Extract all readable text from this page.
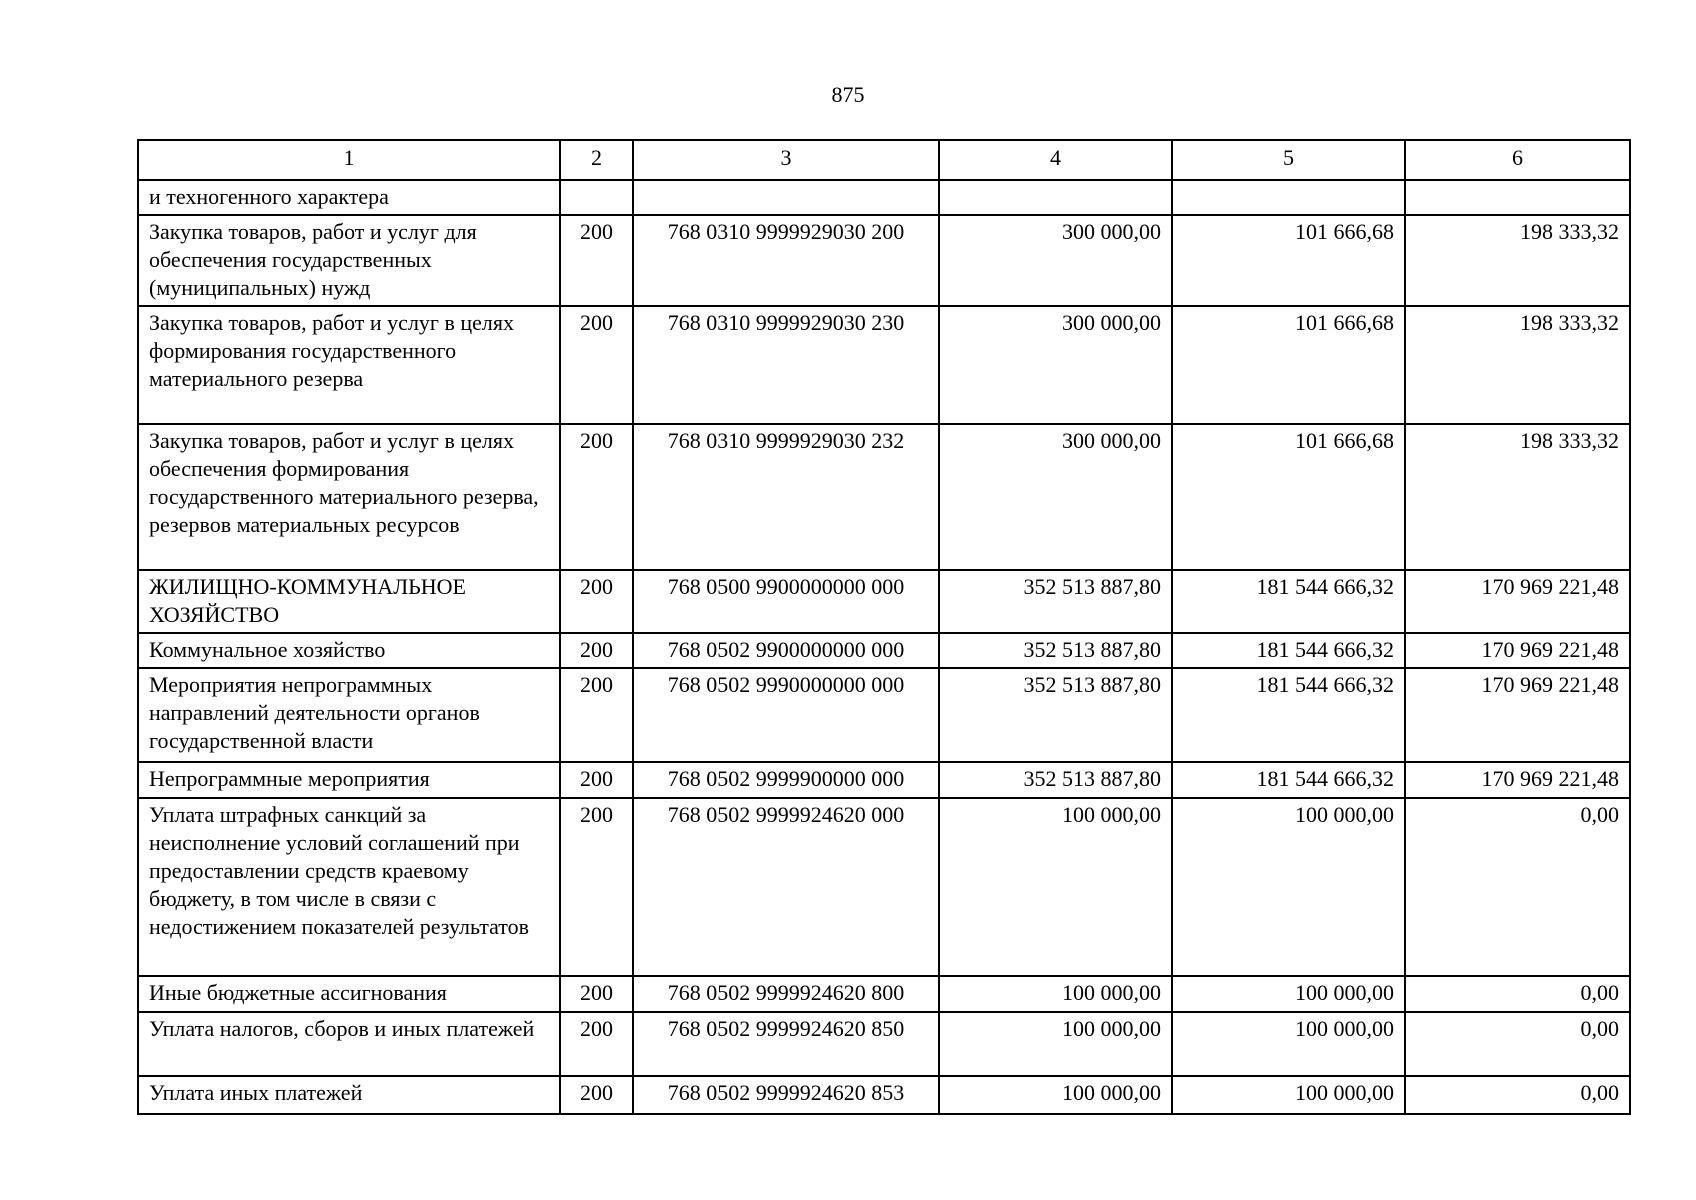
875
1	2	3	4	5	6
и техногенного характера					
Закупка товаров, работ и услуг для обеспечения государственных (муниципальных) нужд	200	768 0310 9999929030 200	300 000,00	101 666,68	198 333,32
Закупка товаров, работ и услуг в целях формирования государственного материального резерва	200	768 0310 9999929030 230	300 000,00	101 666,68	198 333,32
Закупка товаров, работ и услуг в целях обеспечения формирования государственного материального резерва, резервов материальных ресурсов	200	768 0310 9999929030 232	300 000,00	101 666,68	198 333,32
ЖИЛИЩНО-КОММУНАЛЬНОЕ ХОЗЯЙСТВО	200	768 0500 9900000000 000	352 513 887,80	181 544 666,32	170 969 221,48
Коммунальное хозяйство	200	768 0502 9900000000 000	352 513 887,80	181 544 666,32	170 969 221,48
Мероприятия непрограммных направлений деятельности органов государственной власти	200	768 0502 9990000000 000	352 513 887,80	181 544 666,32	170 969 221,48
Непрограммные мероприятия	200	768 0502 9999900000 000	352 513 887,80	181 544 666,32	170 969 221,48
Уплата штрафных санкций за неисполнение условий соглашений при предоставлении средств краевому бюджету, в том числе в связи с недостижением показателей результатов	200	768 0502 9999924620 000	100 000,00	100 000,00	0,00
Иные бюджетные ассигнования	200	768 0502 9999924620 800	100 000,00	100 000,00	0,00
Уплата налогов, сборов и иных платежей	200	768 0502 9999924620 850	100 000,00	100 000,00	0,00
Уплата иных платежей	200	768 0502 9999924620 853	100 000,00	100 000,00	0,00
